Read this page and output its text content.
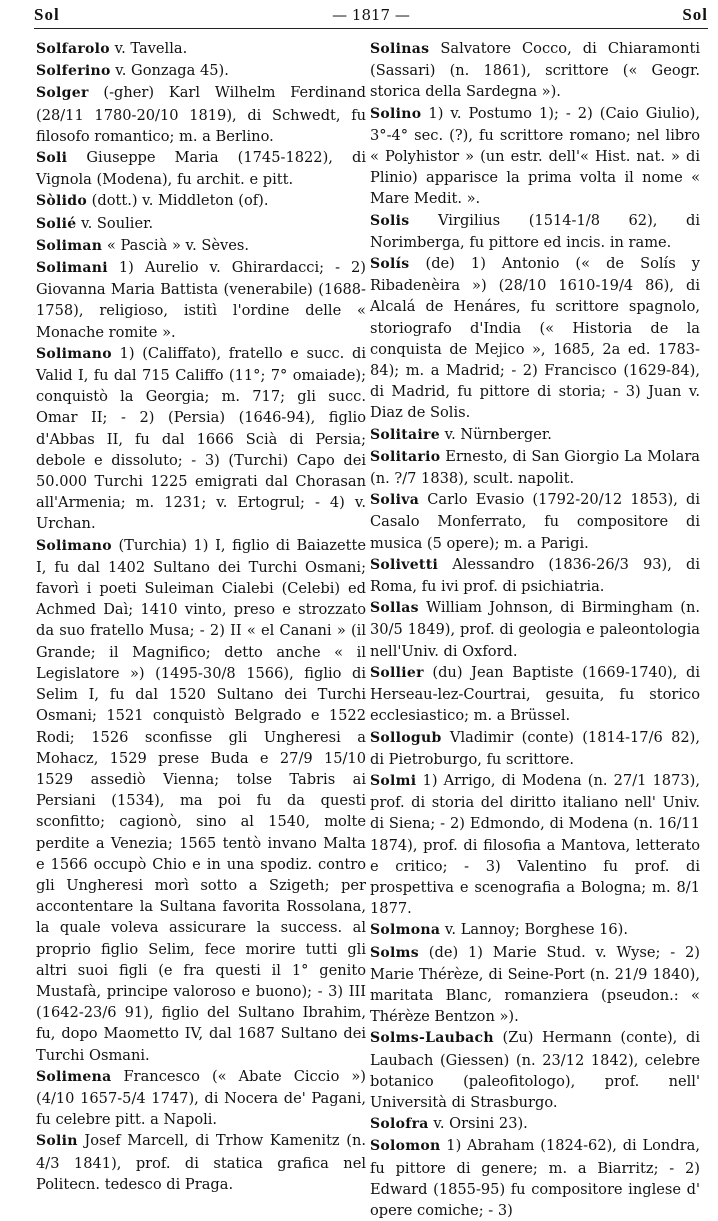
Sol	— 1817 —	Sol

Solfarolo v. Tavella.

Solferino v. Gonzaga 45).

Solger (-gher) Karl Wilhelm Ferdinand (28/11 1780-20/10 1819), di Schwedt, fu filosofo romantico; m. a Berlino.

Soli Giuseppe Maria (1745-1822), di Vignola (Modena), fu archit. e pitt.

Sòlido (dott.) v. Middleton (of).

Solié v. Soulier.

Soliman « Pascià » v. Sèves.

Solimani 1) Aurelio v. Ghirardacci; - 2) Giovanna Maria Battista (venerabile) (1688-1758), religioso, istitì l'ordine delle « Monache romite ».

Solimano 1) (Califfato), fratello e succ. di Valid I, fu dal 715 Califfo (11°; 7° omaiade); conquistò la Georgia; m. 717; gli succ. Omar II; - 2) (Persia) (1646-94), figlio d'Abbas II, fu dal 1666 Scià di Persia; debole e dissoluto; - 3) (Turchi) Capo dei 50.000 Turchi 1225 emigrati dal Chorasan all'Armenia; m. 1231; v. Ertogrul; - 4) v. Urchan.

Solimano (Turchia) 1) I, figlio di Baiazette I, fu dal 1402 Sultano dei Turchi Osmani; favorì i poeti Suleiman Cialebi (Celebi) ed Achmed Daì; 1410 vinto, preso e strozzato da suo fratello Musa; - 2) II « el Canani » (il Grande; il Magnifico; detto anche « il Legislatore ») (1495-30/8 1566), figlio di Selim I, fu dal 1520 Sultano dei Turchi Osmani; 1521 conquistò Belgrado e 1522 Rodi; 1526 sconfisse gli Ungheresi a Mohacz, 1529 prese Buda e 27/9 15/10 1529 assediò Vienna; tolse Tabris ai Persiani (1534), ma poi fu da questi sconfitto; cagionò, sino al 1540, molte perdite a Venezia; 1565 tentò invano Malta e 1566 occupò Chio e in una spodiz. contro gli Ungheresi morì sotto a Szigeth; per accontentare la Sultana favorita Rossolana, la quale voleva assicurare la success. al proprio figlio Selim, fece morire tutti gli altri suoi figli (e fra questi il 1° genito Mustafà, principe valoroso e buono); - 3) III (1642-23/6 91), figlio del Sultano Ibrahim, fu, dopo Maometto IV, dal 1687 Sultano dei Turchi Osmani.

Solimena Francesco (« Abate Ciccio ») (4/10 1657-5/4 1747), di Nocera de' Pagani, fu celebre pitt. a Napoli.

Solin Josef Marcell, di Trhow Kamenitz (n. 4/3 1841), prof. di statica grafica nel Politecn. tedesco di Praga.

Solinas Salvatore Cocco, di Chiaramonti (Sassari) (n. 1861), scrittore (« Geogr. storica della Sardegna »).

Solino 1) v. Postumo 1); - 2) (Caio Giulio), 3°-4° sec. (?), fu scrittore romano; nel libro « Polyhistor » (un estr. dell'« Hist. nat. » di Plinio) apparisce la prima volta il nome « Mare Medit. ».

Solis Virgilius (1514-1/8 62), di Norimberga, fu pittore ed incis. in rame.

Solís (de) 1) Antonio (« de Solís y Ribadenèira ») (28/10 1610-19/4 86), di Alcalá de Henáres, fu scrittore spagnolo, storiografo d'India (« Historia de la conquista de Mejico », 1685, 2a ed. 1783-84); m. a Madrid; - 2) Francisco (1629-84), di Madrid, fu pittore di storia; - 3) Juan v. Diaz de Solis.

Solitaire v. Nürnberger.

Solitario Ernesto, di San Giorgio La Molara (n. ?/7 1838), scult. napolit.

Soliva Carlo Evasio (1792-20/12 1853), di Casalo Monferrato, fu compositore di musica (5 opere); m. a Parigi.

Solivetti Alessandro (1836-26/3 93), di Roma, fu ivi prof. di psichiatria.

Sollas William Johnson, di Birmingham (n. 30/5 1849), prof. di geologia e paleontologia nell'Univ. di Oxford.

Sollier (du) Jean Baptiste (1669-1740), di Herseau-lez-Courtrai, gesuita, fu storico ecclesiastico; m. a Brüssel.

Sollogub Vladimir (conte) (1814-17/6 82), di Pietroburgo, fu scrittore.

Solmi 1) Arrigo, di Modena (n. 27/1 1873), prof. di storia del diritto italiano nell' Univ. di Siena; - 2) Edmondo, di Modena (n. 16/11 1874), prof. di filosofia a Mantova, letterato e critico; - 3) Valentino fu prof. di prospettiva e scenografia a Bologna; m. 8/1 1877.

Solmona v. Lannoy; Borghese 16).

Solms (de) 1) Marie Stud. v. Wyse; - 2) Marie Thérèze, di Seine-Port (n. 21/9 1840), maritata Blanc, romanziera (pseudon.: « Thérèze Bentzon »).

Solms-Laubach (Zu) Hermann (conte), di Laubach (Giessen) (n. 23/12 1842), celebre botanico (paleofitologo), prof. nell' Università di Strasburgo.

Solofra v. Orsini 23).

Solomon 1) Abraham (1824-62), di Londra, fu pittore di genere; m. a Biarritz; - 2) Edward (1855-95) fu compositore inglese d' opere comiche; - 3)
